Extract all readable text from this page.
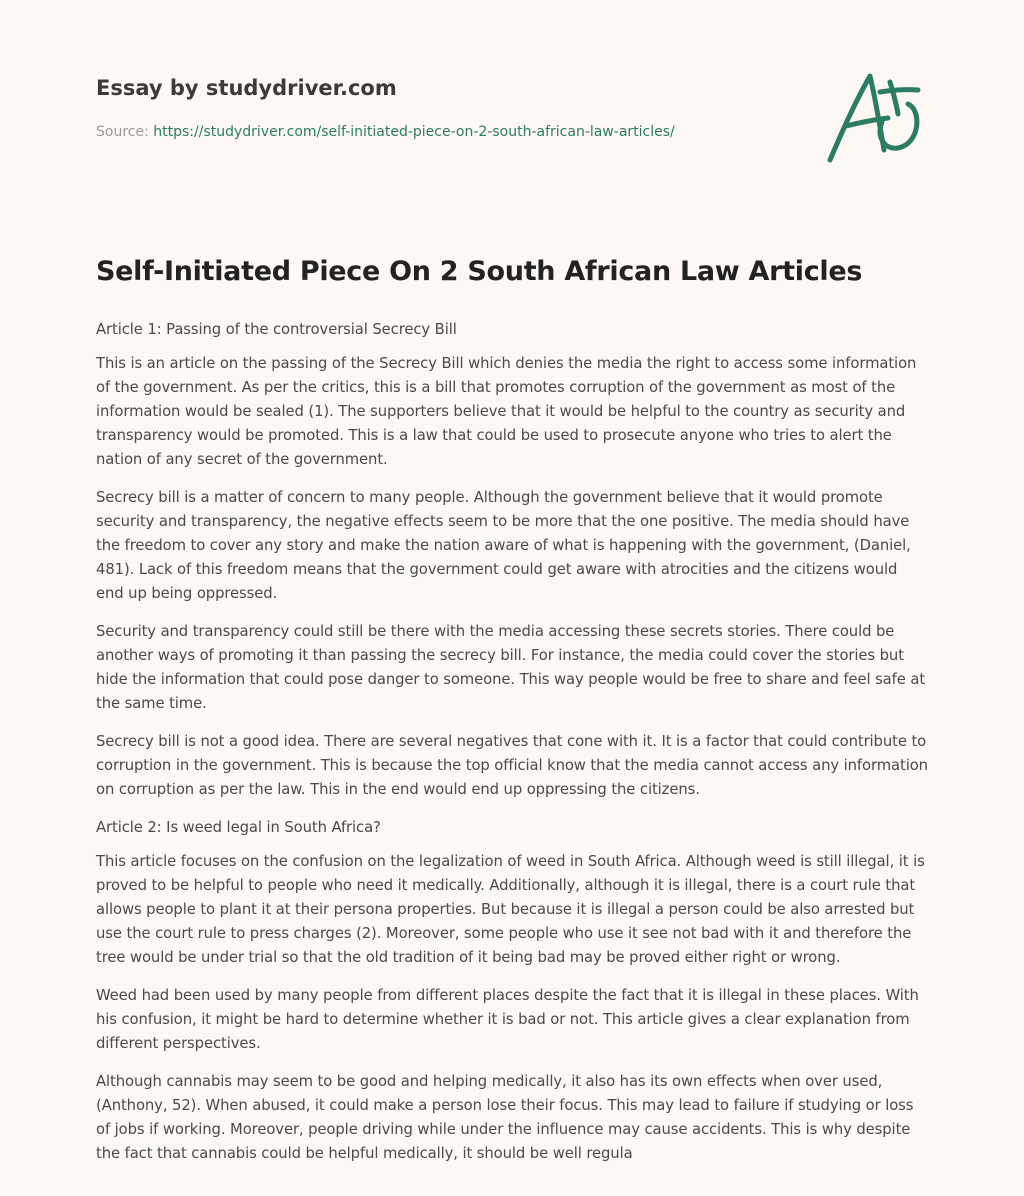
Essay by studydriver.com
Source: https://studydriver.com/self-initiated-piece-on-2-south-african-law-articles/
Self-Initiated Piece On 2 South African Law Articles

Article 1: Passing of the controversial Secrecy Bill

This is an article on the passing of the Secrecy Bill which denies the media the right to access some information of the government. As per the critics, this is a bill that promotes corruption of the government as most of the information would be sealed (1). The supporters believe that it would be helpful to the country as security and transparency would be promoted. This is a law that could be used to prosecute anyone who tries to alert the nation of any secret of the government.

Secrecy bill is a matter of concern to many people. Although the government believe that it would promote security and transparency, the negative effects seem to be more that the one positive. The media should have the freedom to cover any story and make the nation aware of what is happening with the government, (Daniel, 481). Lack of this freedom means that the government could get aware with atrocities and the citizens would end up being oppressed.

Security and transparency could still be there with the media accessing these secrets stories. There could be another ways of promoting it than passing the secrecy bill. For instance, the media could cover the stories but hide the information that could pose danger to someone. This way people would be free to share and feel safe at the same time.

Secrecy bill is not a good idea. There are several negatives that cone with it. It is a factor that could contribute to corruption in the government. This is because the top official know that the media cannot access any information on corruption as per the law. This in the end would end up oppressing the citizens.

Article 2: Is weed legal in South Africa?

This article focuses on the confusion on the legalization of weed in South Africa. Although weed is still illegal, it is proved to be helpful to people who need it medically. Additionally, although it is illegal, there is a court rule that allows people to plant it at their persona properties. But because it is illegal a person could be also arrested but use the court rule to press charges (2). Moreover, some people who use it see not bad with it and therefore the tree would be under trial so that the old tradition of it being bad may be proved either right or wrong.

Weed had been used by many people from different places despite the fact that it is illegal in these places. With his confusion, it might be hard to determine whether it is bad or not. This article gives a clear explanation from different perspectives.

Although cannabis may seem to be good and helping medically, it also has its own effects when over used, (Anthony, 52). When abused, it could make a person lose their focus. This may lead to failure if studying or loss of jobs if working. Moreover, people driving while under the influence may cause accidents. This is why despite the fact that cannabis could be helpful medically, it should be well regula
